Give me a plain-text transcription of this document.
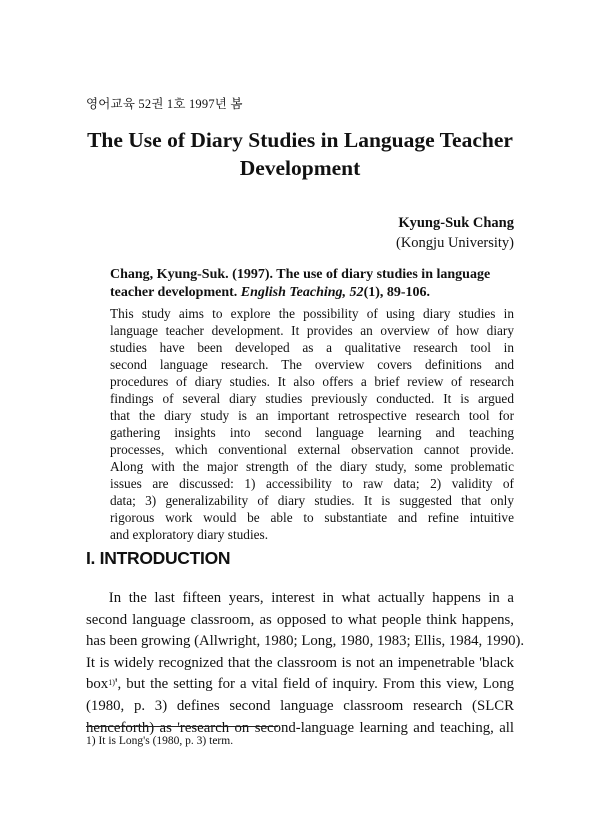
영어교육 52권 1호 1997년 봄
The Use of Diary Studies in Language Teacher
Development
Kyung-Suk Chang
(Kongju University)
Chang, Kyung-Suk. (1997). The use of diary studies in language teacher development. English Teaching, 52(1), 89-106.
This study aims to explore the possibility of using diary studies in
language teacher development. It provides an overview of how diary
studies have been developed as a qualitative research tool in
second language research. The overview covers definitions and
procedures of diary studies. It also offers a brief review of research
findings of several diary studies previously conducted. It is argued
that the diary study is an important retrospective research tool for
gathering insights into second language learning and teaching
processes, which conventional external observation cannot provide.
Along with the major strength of the diary study, some problematic
issues are discussed: 1) accessibility to raw data; 2) validity of
data; 3) generalizability of diary studies. It is suggested that only
rigorous work would be able to substantiate and refine intuitive
and exploratory diary studies.
I. INTRODUCTION
In the last fifteen years, interest in what actually happens in a
second language classroom, as opposed to what people think happens,
has been growing (Allwright, 1980; Long, 1980, 1983; Ellis, 1984, 1990).
It is widely recognized that the classroom is not an impenetrable 'black
box$^{1)}$', but the setting for a vital field of inquiry. From this view, Long
(1980, p. 3) defines second language classroom research (SLCR
henceforth) as 'research on second-language learning and teaching, all
1) It is Long's (1980, p. 3) term.
